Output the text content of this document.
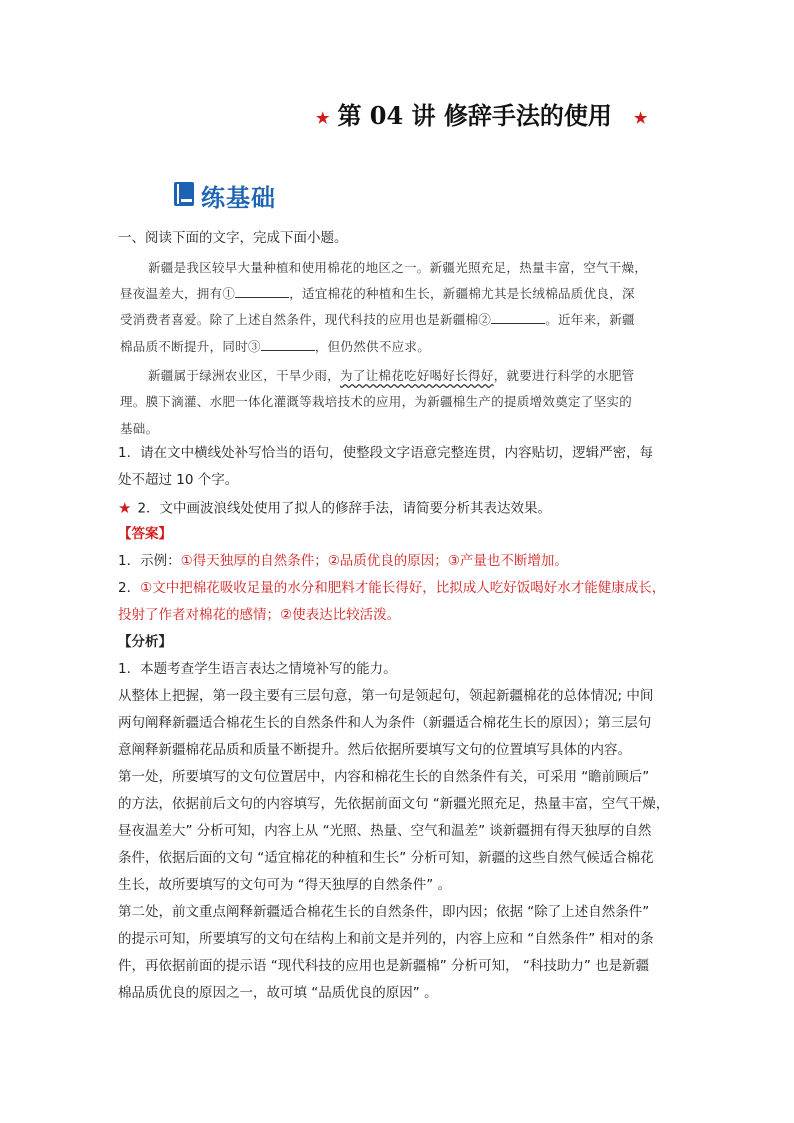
★ 第 04 讲 修辞手法的使用 ★
练基础
一、阅读下面的文字，完成下面小题。
新疆是我区较早大量种植和使用棉花的地区之一。新疆光照充足，热量丰富，空气干燥，
昼夜温差大，拥有①	，适宜棉花的种植和生长，新疆棉尤其是长绒棉品质优良，深
受消费者喜爱。除了上述自然条件，现代科技的应用也是新疆棉②	。近年来，新疆
棉品质不断提升，同时③	，但仍然供不应求。
新疆属于绿洲农业区，干旱少雨，为了让棉花吃好喝好长得好，就要进行科学的水肥管
理。膜下滴灌、水肥一体化灌溉等栽培技术的应用，为新疆棉生产的提质增效奠定了坚实的
基础。
1．请在文中横线处补写恰当的语句，使整段文字语意完整连贯，内容贴切，逻辑严密，每
处不超过 10 个字。
★ 2．文中画波浪线处使用了拟人的修辞手法，请简要分析其表达效果。
【答案】
1．示例：①得天独厚的自然条件；②品质优良的原因；③产量也不断增加。
2．①文中把棉花吸收足量的水分和肥料才能长得好，比拟成人吃好饭喝好水才能健康成长，
投射了作者对棉花的感情；②使表达比较活泼。
【分析】
1．本题考查学生语言表达之情境补写的能力。
从整体上把握，第一段主要有三层句意，第一句是领起句，领起新疆棉花的总体情况; 中间
两句阐释新疆适合棉花生长的自然条件和人为条件（新疆适合棉花生长的原因）；第三层句
意阐释新疆棉花品质和质量不断提升。然后依据所要填写文句的位置填写具体的内容。
第一处，所要填写的文句位置居中，内容和棉花生长的自然条件有关，可采用 “瞻前顾后”
的方法，依据前后文句的内容填写，先依据前面文句 “新疆光照充足，热量丰富，空气干燥，
昼夜温差大” 分析可知，内容上从 “光照、热量、空气和温差” 谈新疆拥有得天独厚的自然
条件，依据后面的文句 “适宜棉花的种植和生长” 分析可知，新疆的这些自然气候适合棉花
生长，故所要填写的文句可为 “得天独厚的自然条件” 。
第二处，前文重点阐释新疆适合棉花生长的自然条件，即内因；依据 “除了上述自然条件”
的提示可知，所要填写的文句在结构上和前文是并列的，内容上应和 “自然条件” 相对的条
件，再依据前面的提示语 “现代科技的应用也是新疆棉” 分析可知， “科技助力” 也是新疆
棉品质优良的原因之一，故可填 “品质优良的原因” 。
